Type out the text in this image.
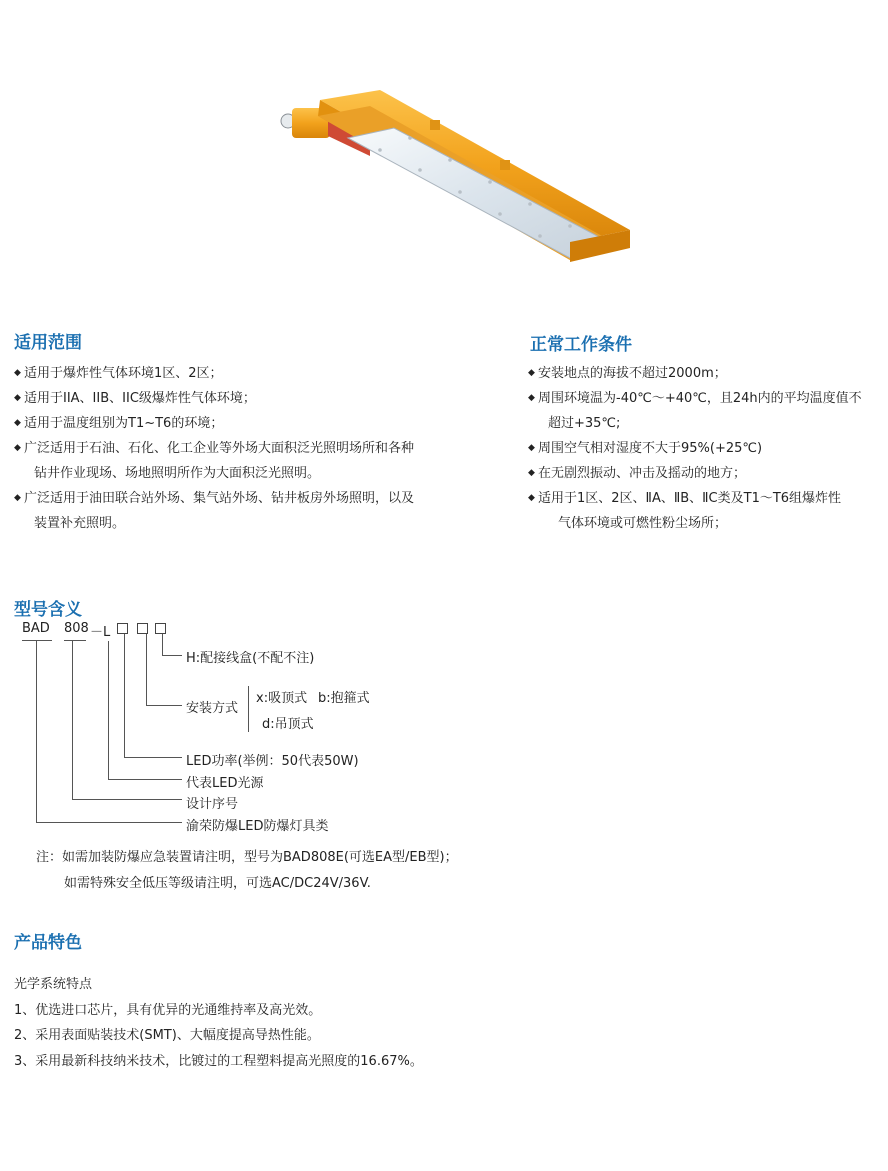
适用范围
◆ 适用于爆炸性气体环境1区、2区；
◆ 适用于IIA、IIB、IIC级爆炸性气体环境；
◆ 适用于温度组别为T1~T6的环境；
◆ 广泛适用于石油、石化、化工企业等外场大面积泛光照明场所和各种
钻井作业现场、场地照明所作为大面积泛光照明。
◆ 广泛适用于油田联合站外场、集气站外场、钻井板房外场照明，以及
装置补充照明。
正常工作条件
◆ 安装地点的海拔不超过2000m；
◆ 周围环境温为-40℃～+40℃，且24h内的平均温度值不
超过+35℃;
◆ 周围空气相对湿度不大于95%(+25℃)
◆ 在无剧烈振动、冲击及摇动的地方；
◆ 适用于1区、2区、ⅡA、ⅡB、ⅡC类及T1～T6组爆炸性
气体环境或可燃性粉尘场所；
型号含义
BAD 808 －L
H:配接线盒(不配不注)
安装方式
x:吸顶式 b:抱箍式
d:吊顶式
LED功率(举例：50代表50W)
代表LED光源
设计序号
渝荣防爆LED防爆灯具类
注：如需加装防爆应急装置请注明，型号为BAD808E(可选EA型/EB型)；
如需特殊安全低压等级请注明，可选AC/DC24V/36V.
产品特色
光学系统特点
1、优选进口芯片，具有优异的光通维持率及高光效。
2、采用表面贴装技术(SMT)、大幅度提高导热性能。
3、采用最新科技纳米技术，比镀过的工程塑料提高光照度的16.67%。
